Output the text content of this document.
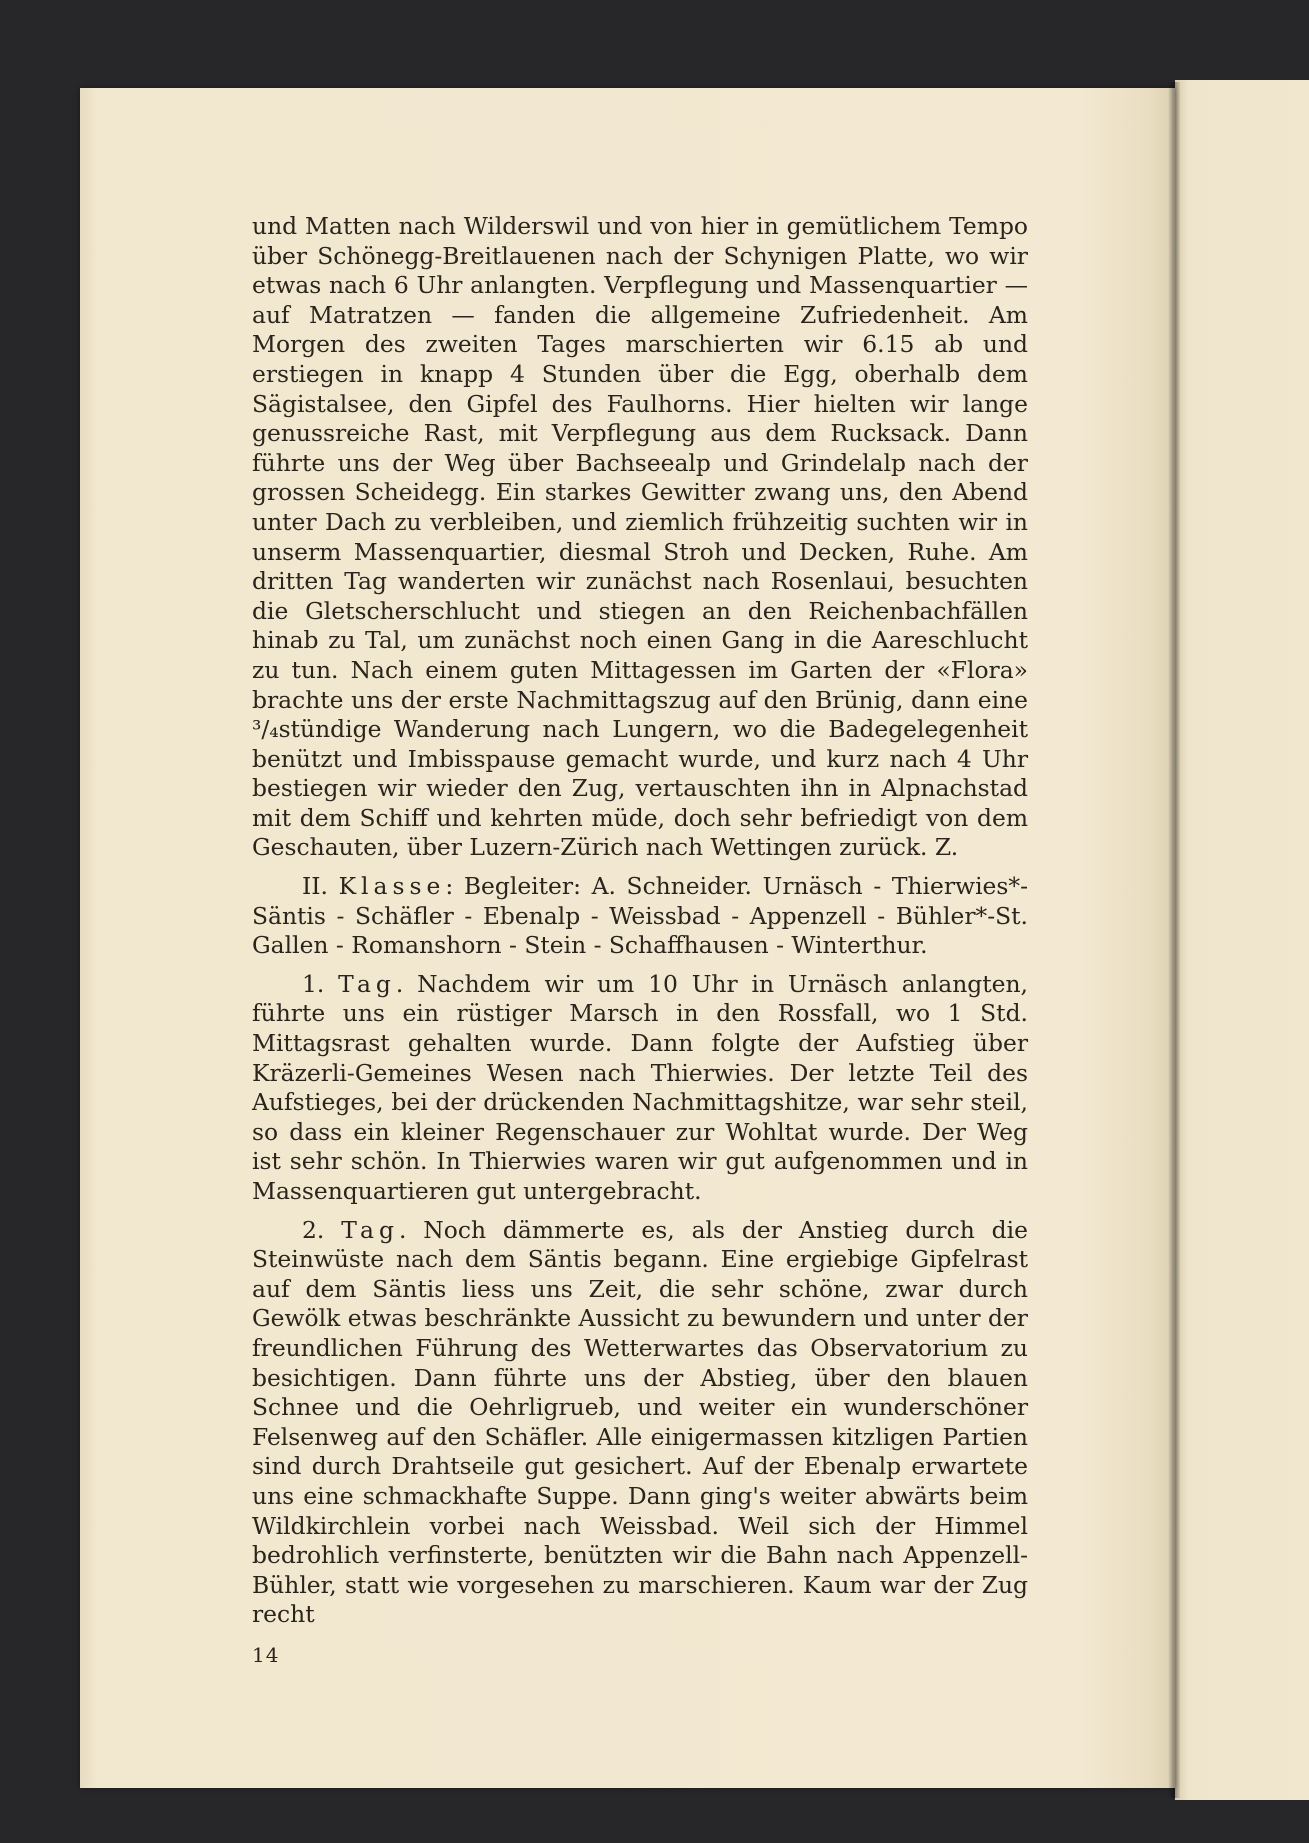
und Matten nach Wilderswil und von hier in gemütlichem Tempo über Schönegg-Breitlauenen nach der Schynigen Platte, wo wir etwas nach 6 Uhr anlangten. Verpflegung und Massenquartier — auf Matratzen — fanden die allgemeine Zufriedenheit. Am Morgen des zweiten Tages marschierten wir 6.15 ab und erstiegen in knapp 4 Stunden über die Egg, oberhalb dem Sägistalsee, den Gipfel des Faulhorns. Hier hielten wir lange genussreiche Rast, mit Verpflegung aus dem Rucksack. Dann führte uns der Weg über Bachseealp und Grindelalp nach der grossen Scheidegg. Ein starkes Gewitter zwang uns, den Abend unter Dach zu verbleiben, und ziemlich frühzeitig suchten wir in unserm Massenquartier, diesmal Stroh und Decken, Ruhe. Am dritten Tag wanderten wir zunächst nach Rosenlaui, besuchten die Gletscherschlucht und stiegen an den Reichenbachfällen hinab zu Tal, um zunächst noch einen Gang in die Aareschlucht zu tun. Nach einem guten Mittagessen im Garten der «Flora» brachte uns der erste Nachmittagszug auf den Brünig, dann eine ³/₄stündige Wanderung nach Lungern, wo die Badegelegenheit benützt und Imbisspause gemacht wurde, und kurz nach 4 Uhr bestiegen wir wieder den Zug, vertauschten ihn in Alpnachstad mit dem Schiff und kehrten müde, doch sehr befriedigt von dem Geschauten, über Luzern-Zürich nach Wettingen zurück. Z.

II. Klasse: Begleiter: A. Schneider. Urnäsch - Thierwies*-Säntis - Schäfler - Ebenalp - Weissbad - Appenzell - Bühler*-St. Gallen - Romanshorn - Stein - Schaffhausen - Winterthur.

1. Tag. Nachdem wir um 10 Uhr in Urnäsch anlangten, führte uns ein rüstiger Marsch in den Rossfall, wo 1 Std. Mittagsrast gehalten wurde. Dann folgte der Aufstieg über Kräzerli-Gemeines Wesen nach Thierwies. Der letzte Teil des Aufstieges, bei der drückenden Nachmittagshitze, war sehr steil, so dass ein kleiner Regenschauer zur Wohltat wurde. Der Weg ist sehr schön. In Thierwies waren wir gut aufgenommen und in Massenquartieren gut untergebracht.

2. Tag. Noch dämmerte es, als der Anstieg durch die Steinwüste nach dem Säntis begann. Eine ergiebige Gipfelrast auf dem Säntis liess uns Zeit, die sehr schöne, zwar durch Gewölk etwas beschränkte Aussicht zu bewundern und unter der freundlichen Führung des Wetterwartes das Observatorium zu besichtigen. Dann führte uns der Abstieg, über den blauen Schnee und die Oehrligrueb, und weiter ein wunderschöner Felsenweg auf den Schäfler. Alle einigermassen kitzligen Partien sind durch Drahtseile gut gesichert. Auf der Ebenalp erwartete uns eine schmackhafte Suppe. Dann ging's weiter abwärts beim Wildkirchlein vorbei nach Weissbad. Weil sich der Himmel bedrohlich verfinsterte, benützten wir die Bahn nach Appenzell-Bühler, statt wie vorgesehen zu marschieren. Kaum war der Zug recht

14
